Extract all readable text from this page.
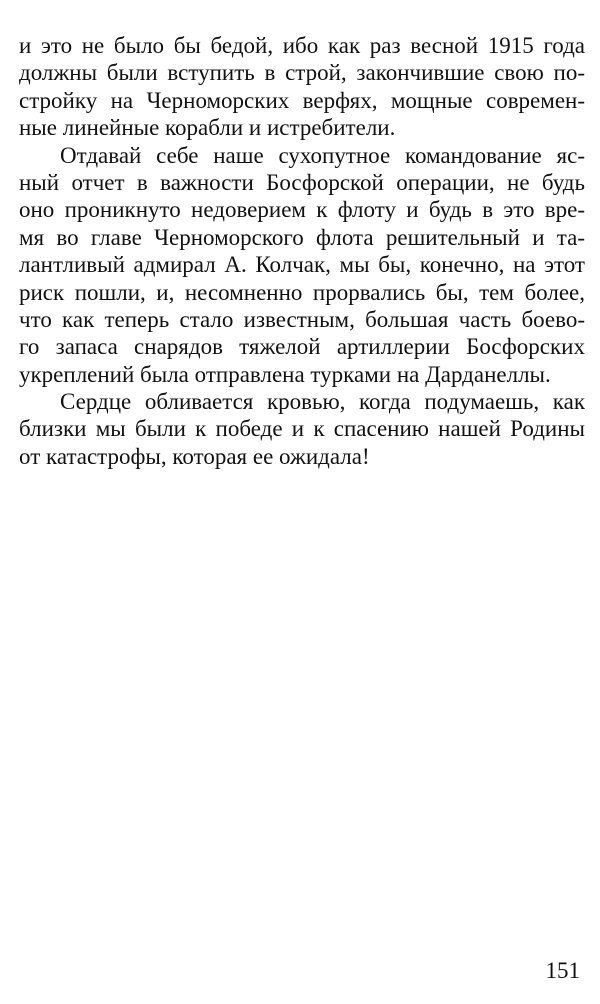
и это не было бы бедой, ибо как раз весной 1915 года
должны были вступить в строй, закончившие свою по-
стройку на Черноморских верфях, мощные современ-
ные линейные корабли и истребители.
Отдавай себе наше сухопутное командование яс-
ный отчет в важности Босфорской операции, не будь
оно проникнуто недоверием к флоту и будь в это вре-
мя во главе Черноморского флота решительный и та-
лантливый адмирал А. Колчак, мы бы, конечно, на этот
риск пошли, и, несомненно прорвались бы, тем более,
что как теперь стало известным, большая часть боево-
го запаса снарядов тяжелой артиллерии Босфорских
укреплений была отправлена турками на Дарданеллы.
Сердце обливается кровью, когда подумаешь, как
близки мы были к победе и к спасению нашей Родины
от катастрофы, которая ее ожидала!
151
